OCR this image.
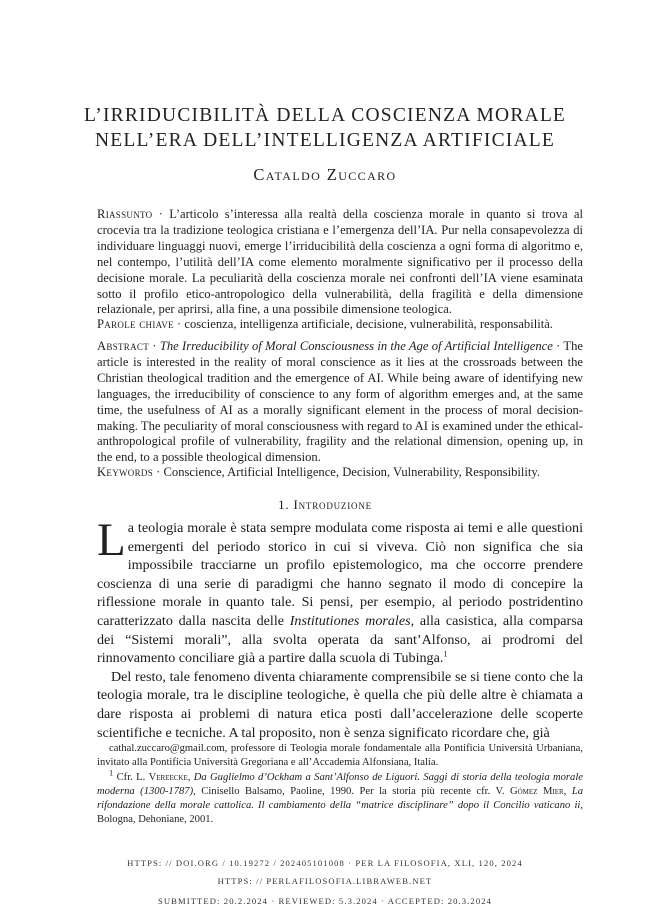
L’IRRIDUCIBILITÀ DELLA COSCIENZA MORALE
NELL’ERA DELL’INTELLIGENZA ARTIFICIALE
Cataldo Zuccaro
Riassunto · L’articolo s’interessa alla realtà della coscienza morale in quanto si trova al crocevia tra la tradizione teologica cristiana e l’emergenza dell’IA. Pur nella consapevolezza di individuare linguaggi nuovi, emerge l’irriducibilità della coscienza a ogni forma di algoritmo e, nel contempo, l’utilità dell’IA come elemento moralmente significativo per il processo della decisione morale. La peculiarità della coscienza morale nei confronti dell’IA viene esaminata sotto il profilo etico-antropologico della vulnerabilità, della fragilità e della dimensione relazionale, per aprirsi, alla fine, a una possibile dimensione teologica.
Parole chiave · coscienza, intelligenza artificiale, decisione, vulnerabilità, responsabilità.
Abstract · The Irreducibility of Moral Consciousness in the Age of Artificial Intelligence · The article is interested in the reality of moral conscience as it lies at the crossroads between the Christian theological tradition and the emergence of AI. While being aware of identifying new languages, the irreducibility of conscience to any form of algorithm emerges and, at the same time, the usefulness of AI as a morally significant element in the process of moral decision-making. The peculiarity of moral consciousness with regard to AI is examined under the ethical-anthropological profile of vulnerability, fragility and the relational dimension, opening up, in the end, to a possible theological dimension.
Keywords · Conscience, Artificial Intelligence, Decision, Vulnerability, Responsibility.
1. Introduzione

La teologia morale è stata sempre modulata come risposta ai temi e alle questioni emergenti del periodo storico in cui si viveva. Ciò non significa che sia impossibile tracciarne un profilo epistemologico, ma che occorre prendere coscienza di una serie di paradigmi che hanno segnato il modo di concepire la riflessione morale in quanto tale. Si pensi, per esempio, al periodo postridentino caratterizzato dalla nascita delle Institutiones morales, alla casistica, alla comparsa dei “Sistemi morali”, alla svolta operata da sant’Alfonso, ai prodromi del rinnovamento conciliare già a partire dalla scuola di Tubinga.$^1$

Del resto, tale fenomeno diventa chiaramente comprensibile se si tiene conto che la teologia morale, tra le discipline teologiche, è quella che più delle altre è chiamata a dare risposta ai problemi di natura etica posti dall’accelerazione delle scoperte scientifiche e tecniche. A tal proposito, non è senza significato ricordare che, già

cathal.zuccaro@gmail.com, professore di Teologia morale fondamentale alla Pontificia Università Urbaniana, invitato alla Pontificia Università Gregoriana e all’Accademia Alfonsiana, Italia.

$^1$ Cfr. L. Vereecke, Da Guglielmo d’Ockham a Sant’Alfonso de Liguori. Saggi di storia della teologia morale moderna (1300-1787), Cinisello Balsamo, Paoline, 1990. Per la storia più recente cfr. V. Gómez Mier, La rifondazione della morale cattolica. Il cambiamento della “matrice disciplinare” dopo il Concilio vaticano ii, Bologna, Dehoniane, 2001.

HTTPS: // DOI.ORG / 10.19272 / 202405101008 · PER LA FILOSOFIA, XLI, 120, 2024
HTTPS: // PERLAFILOSOFIA.LIBRAWEB.NET
SUBMITTED: 20.2.2024 · REVIEWED: 5.3.2024 · ACCEPTED: 20.3.2024
